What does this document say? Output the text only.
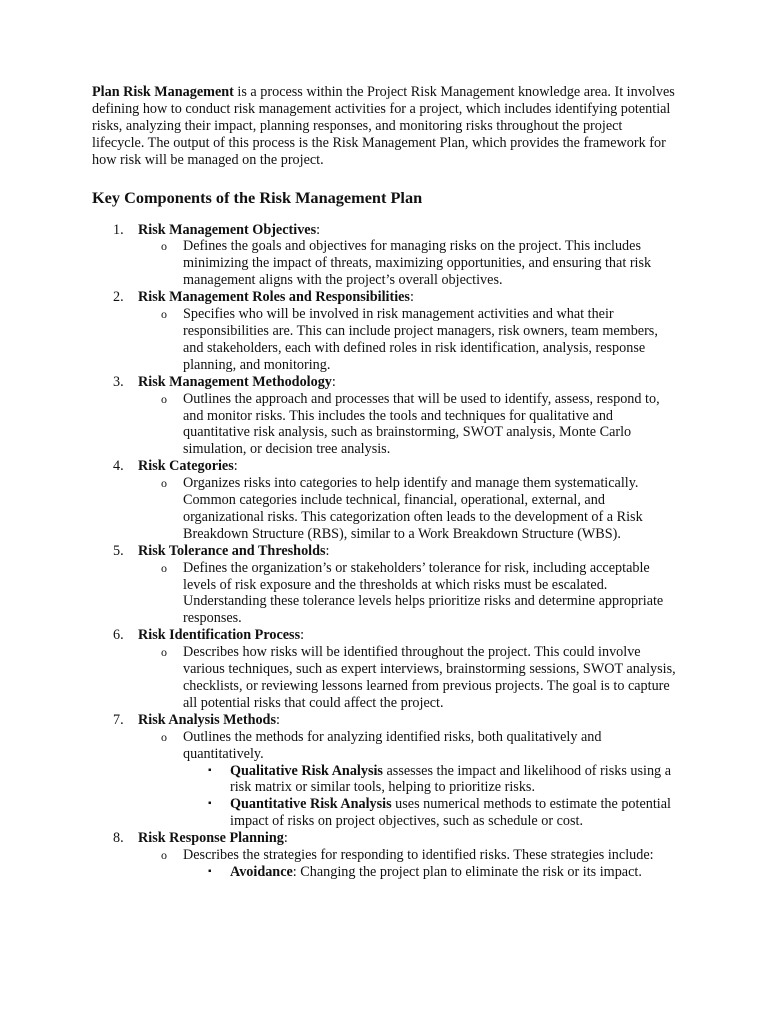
Plan Risk Management is a process within the Project Risk Management knowledge area. It involves defining how to conduct risk management activities for a project, which includes identifying potential risks, analyzing their impact, planning responses, and monitoring risks throughout the project lifecycle. The output of this process is the Risk Management Plan, which provides the framework for how risk will be managed on the project.

Key Components of the Risk Management Plan
1. Risk Management Objectives:
o Defines the goals and objectives for managing risks on the project. This includes minimizing the impact of threats, maximizing opportunities, and ensuring that risk management aligns with the project’s overall objectives.
2. Risk Management Roles and Responsibilities:
o Specifies who will be involved in risk management activities and what their responsibilities are. This can include project managers, risk owners, team members, and stakeholders, each with defined roles in risk identification, analysis, response planning, and monitoring.
3. Risk Management Methodology:
o Outlines the approach and processes that will be used to identify, assess, respond to, and monitor risks. This includes the tools and techniques for qualitative and quantitative risk analysis, such as brainstorming, SWOT analysis, Monte Carlo simulation, or decision tree analysis.
4. Risk Categories:
o Organizes risks into categories to help identify and manage them systematically. Common categories include technical, financial, operational, external, and organizational risks. This categorization often leads to the development of a Risk Breakdown Structure (RBS), similar to a Work Breakdown Structure (WBS).
5. Risk Tolerance and Thresholds:
o Defines the organization’s or stakeholders’ tolerance for risk, including acceptable levels of risk exposure and the thresholds at which risks must be escalated. Understanding these tolerance levels helps prioritize risks and determine appropriate responses.
6. Risk Identification Process:
o Describes how risks will be identified throughout the project. This could involve various techniques, such as expert interviews, brainstorming sessions, SWOT analysis, checklists, or reviewing lessons learned from previous projects. The goal is to capture all potential risks that could affect the project.
7. Risk Analysis Methods:
o Outlines the methods for analyzing identified risks, both qualitatively and quantitatively.
▪ Qualitative Risk Analysis assesses the impact and likelihood of risks using a risk matrix or similar tools, helping to prioritize risks.
▪ Quantitative Risk Analysis uses numerical methods to estimate the potential impact of risks on project objectives, such as schedule or cost.
8. Risk Response Planning:
o Describes the strategies for responding to identified risks. These strategies include:
▪ Avoidance: Changing the project plan to eliminate the risk or its impact.
